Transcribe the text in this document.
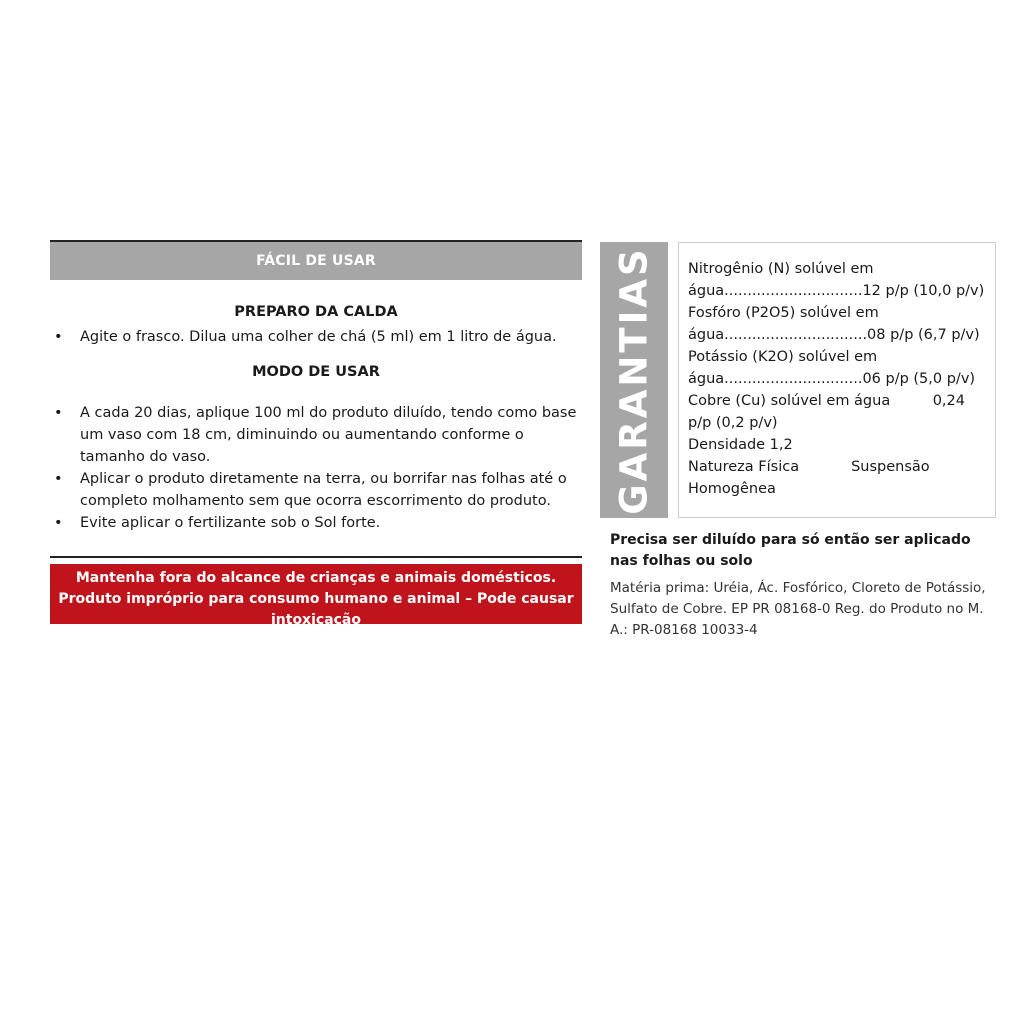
FÁCIL DE USAR
PREPARO DA CALDA
• Agite o frasco. Dilua uma colher de chá (5 ml) em 1 litro de água.
MODO DE USAR
• A cada 20 dias, aplique 100 ml do produto diluído, tendo como base um vaso com 18 cm, diminuindo ou aumentando conforme o tamanho do vaso.
• Aplicar o produto diretamente na terra, ou borrifar nas folhas até o completo molhamento sem que ocorra escorrimento do produto.
• Evite aplicar o fertilizante sob o Sol forte.
Mantenha fora do alcance de crianças e animais domésticos.
Produto impróprio para consumo humano e animal – Pode causar
intoxicação
GARANTIAS Nitrogênio (N) solúvel em
água..............................12 p/p (10,0 p/v)
Fosfóro (P2O5) solúvel em
água...............................08 p/p (6,7 p/v)
Potássio (K2O) solúvel em
água..............................06 p/p (5,0 p/v)
Cobre (Cu) solúvel em água	0,24
p/p (0,2 p/v)
Densidade 1,2
Natureza Física	Suspensão
Homogênea
Precisa ser diluído para só então ser aplicado nas folhas ou solo
Matéria prima: Uréia, Ác. Fosfórico, Cloreto de Potássio, Sulfato de Cobre. EP PR 08168-0 Reg. do Produto no M. A.: PR-08168 10033-4
